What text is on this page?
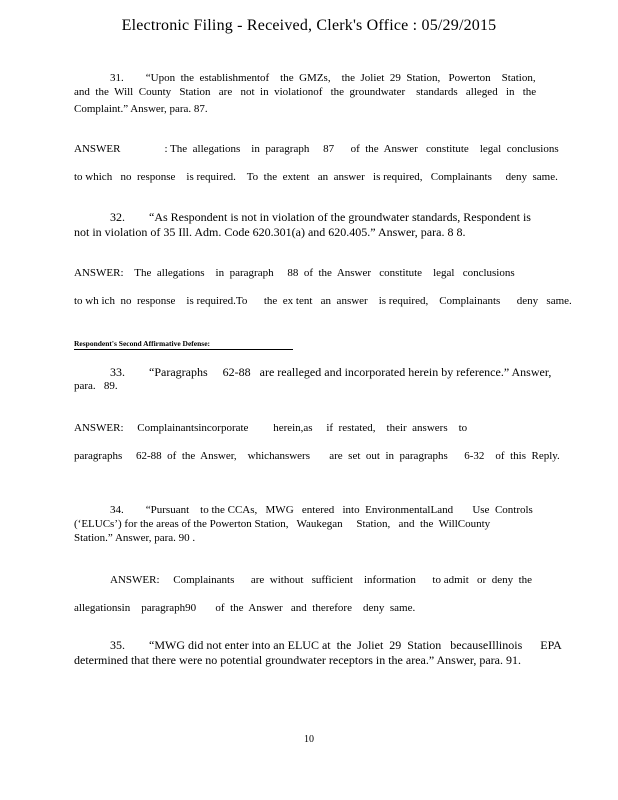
Electronic Filing - Received, Clerk's Office : 05/29/2015

31.        “Upon  the  establishmentof    the  GMZs,    the  Joliet  29  Station,   Powerton    Station,

and  the  Will  County   Station   are   not  in  violationof   the  groundwater    standards   alleged   in   the

Complaint.” Answer, para. 87.

ANSWER                : The  allegations    in  paragraph     87      of  the  Answer   constitute    legal  conclusions

to which   no  response    is required.    To  the  extent   an  answer   is required,   Complainants     deny  same.

32.        “As Respondent is not in violation of the groundwater standards, Respondent is

not in violation of 35 Ill. Adm. Code 620.301(a) and 620.405.” Answer, para. 8 8.

ANSWER:    The  allegations    in  paragraph     88  of  the  Answer   constitute    legal   conclusions

to wh ich  no  response    is required.To      the  ex tent   an  answer    is required,    Complainants      deny   same.

Respondent's Second Affirmative Defense:

33.        “Paragraphs     62-88   are realleged and incorporated herein by reference.” Answer,

para.   89.

ANSWER:     Complainantsincorporate         herein,as     if  restated,    their  answers    to

paragraphs     62-88  of  the  Answer,    whichanswers       are  set  out  in  paragraphs      6-32    of  this  Reply.

34.        “Pursuant    to the CCAs,   MWG   entered   into  EnvironmentalLand       Use  Controls

(‘ELUCs’) for the areas of the Powerton Station,   Waukegan     Station,   and  the  WillCounty

Station.” Answer, para. 90 .

ANSWER:     Complainants      are  without   sufficient    information      to admit   or  deny  the

allegationsin    paragraph90       of  the  Answer   and  therefore    deny  same.

35.        “MWG did not enter into an ELUC at  the  Joliet  29  Station   becauseIllinois      EPA

determined that there were no potential groundwater receptors in the area.” Answer, para. 91.

10
